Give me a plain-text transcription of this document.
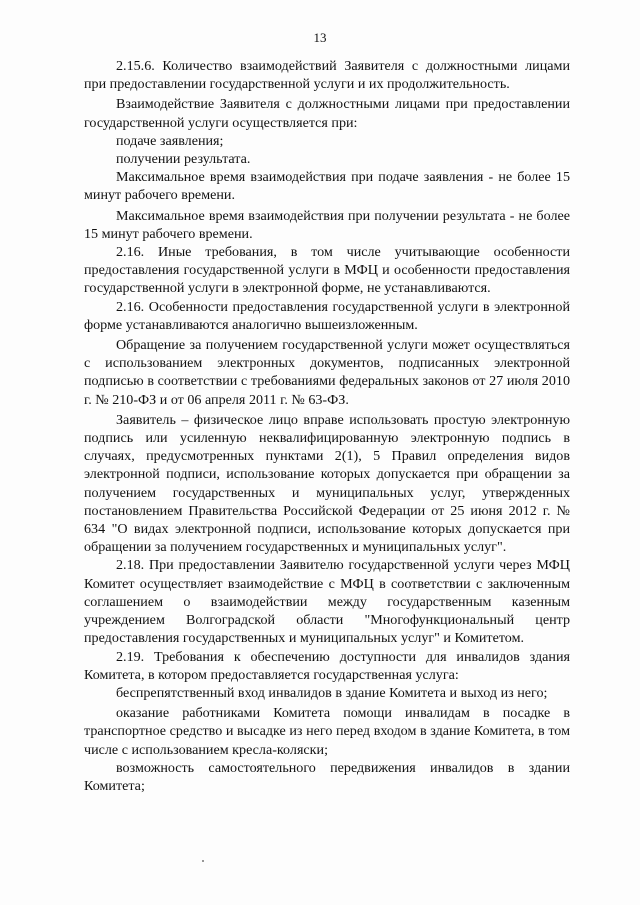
13

2.15.6. Количество взаимодействий Заявителя с должностными лицами при предоставлении государственной услуги и их продолжительность.

Взаимодействие Заявителя с должностными лицами при предоставлении государственной услуги осуществляется при:

подаче заявления;

получении результата.

Максимальное время взаимодействия при подаче заявления - не более 15 минут рабочего времени.

Максимальное время взаимодействия при получении результата - не более 15 минут рабочего времени.

2.16. Иные требования, в том числе учитывающие особенности предоставления государственной услуги в МФЦ и особенности предоставления государственной услуги в электронной форме, не устанавливаются.

2.16. Особенности предоставления государственной услуги в электронной форме устанавливаются аналогично вышеизложенным.

Обращение за получением государственной услуги может осуществляться с использованием электронных документов, подписанных электронной подписью в соответствии с требованиями федеральных законов от 27 июля 2010 г. № 210-ФЗ и от 06 апреля 2011 г. № 63-ФЗ.

Заявитель – физическое лицо вправе использовать простую электронную подпись или усиленную неквалифицированную электронную подпись в случаях, предусмотренных пунктами 2(1), 5 Правил определения видов электронной подписи, использование которых допускается при обращении за получением государственных и муниципальных услуг, утвержденных постановлением Правительства Российской Федерации от 25 июня 2012 г. № 634 "О видах электронной подписи, использование которых допускается при обращении за получением государственных и муниципальных услуг".

2.18. При предоставлении Заявителю государственной услуги через МФЦ Комитет осуществляет взаимодействие с МФЦ в соответствии с заключенным соглашением о взаимодействии между государственным казенным учреждением Волгоградской области "Многофункциональный центр предоставления государственных и муниципальных услуг" и Комитетом.

2.19. Требования к обеспечению доступности для инвалидов здания Комитета, в котором предоставляется государственная услуга:

беспрепятственный вход инвалидов в здание Комитета и выход из него;

оказание работниками Комитета помощи инвалидам в посадке в транспортное средство и высадке из него перед входом в здание Комитета, в том числе с использованием кресла-коляски;

возможность самостоятельного передвижения инвалидов в здании Комитета;
